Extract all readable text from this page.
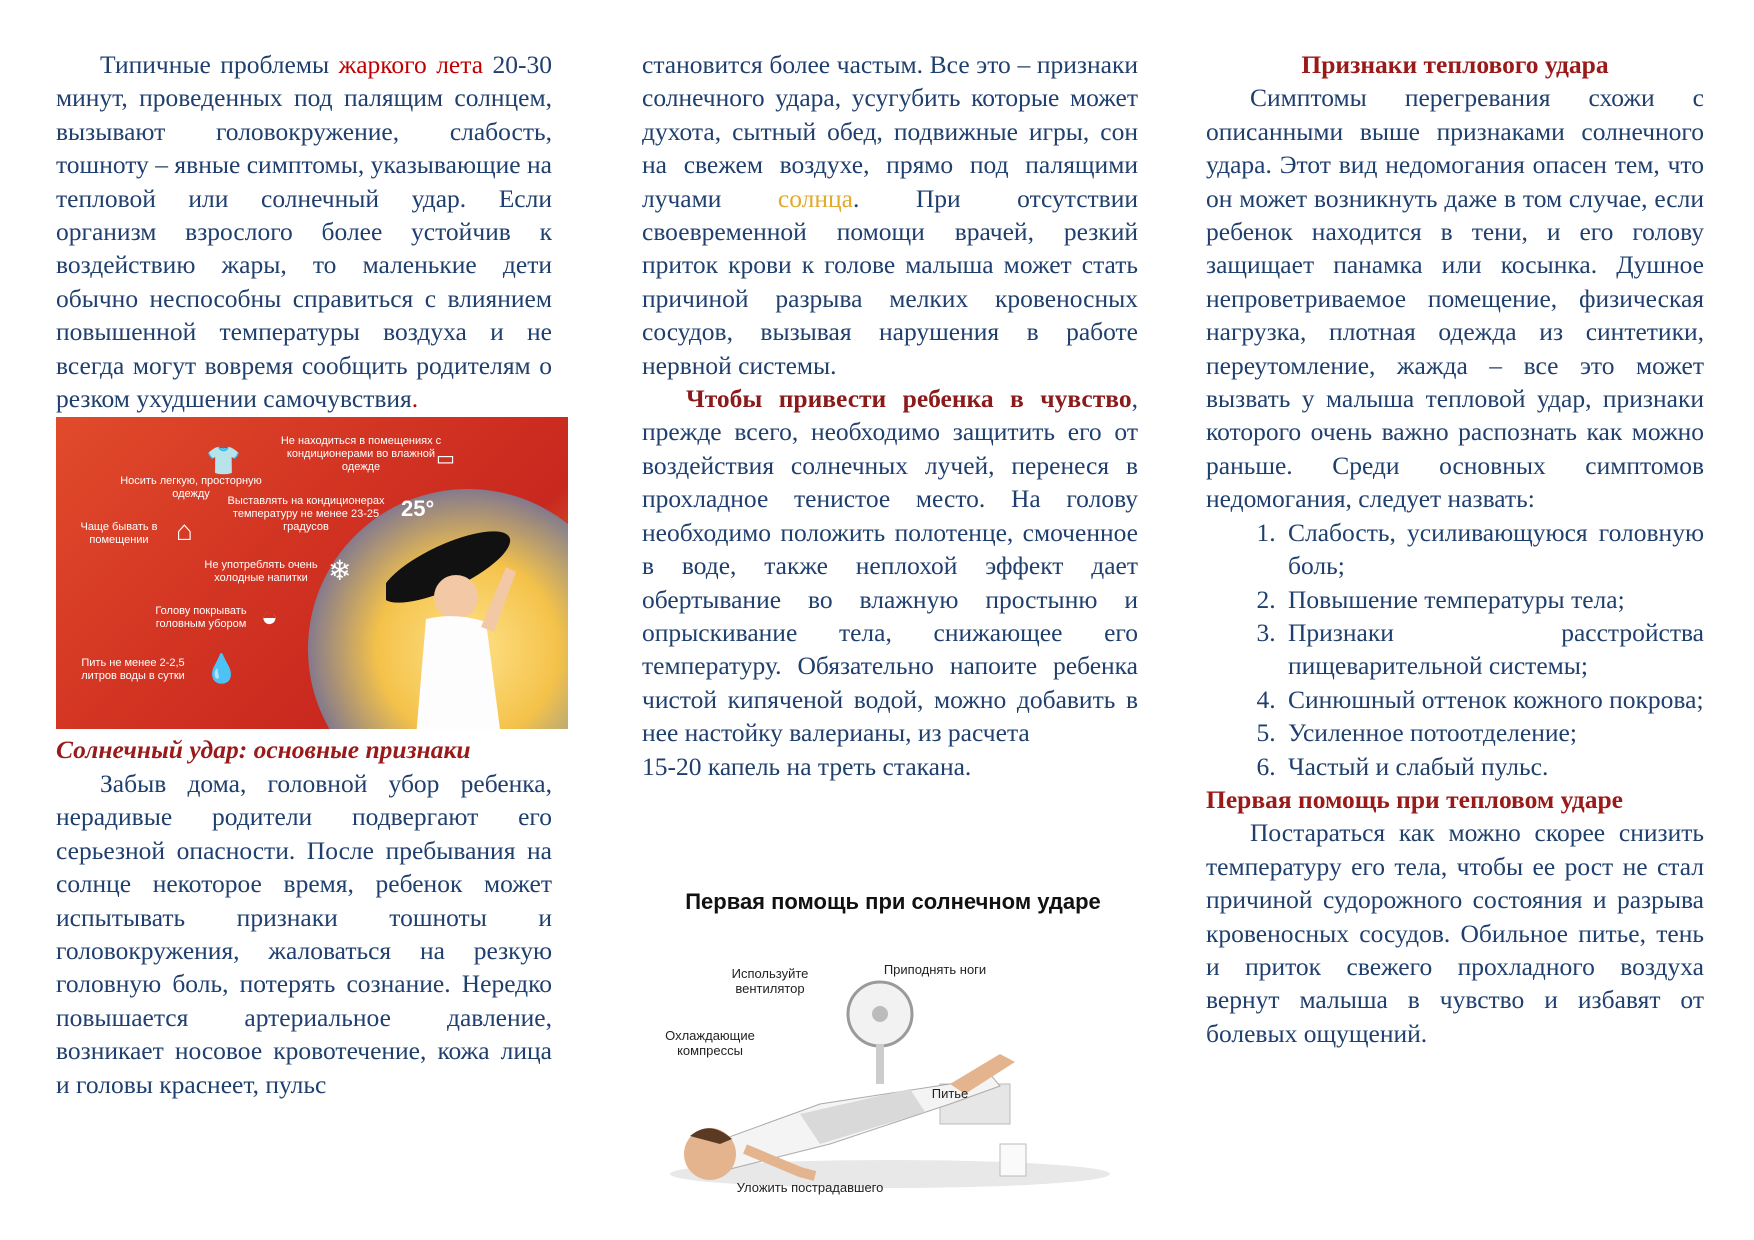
Типичные проблемы жаркого лета 20-30 минут, проведенных под палящим солнцем, вызывают головокружение, слабость, тошноту – явные симптомы, указывающие на тепловой или солнечный удар. Если организм взрослого более устойчив к воздействию жары, то маленькие дети обычно неспособны справиться с влиянием повышенной температуры воздуха и не всегда могут вовремя сообщить родителям о резком ухудшении самочувствия.

👕
Носить легкую, просторную одежду
▭
Не находиться в помещениях с кондиционерами во влажной одежде
Выставлять на кондиционерах температуру не менее 23-25 градусов
25°
⌂
Чаще бывать в помещении
Не употреблять очень холодные напитки ❄
Голову покрывать головным убором ◒
Пить не менее 2-2,5 литров воды в сутки 💧

Солнечный удар: основные признаки

Забыв дома, головной убор ребенка, нерадивые родители подвергают его серьезной опасности. После пребывания на солнце некоторое время, ребенок может испытывать признаки тошноты и головокружения, жаловаться на резкую головную боль, потерять сознание. Нередко повышается артериальное давление, возникает носовое кровотечение, кожа лица и головы краснеет, пульс

становится более частым. Все это – признаки солнечного удара, усугубить которые может духота, сытный обед, подвижные игры, сон на свежем воздухе, прямо под палящими лучами солнца. При отсутствии своевременной помощи врачей, резкий приток крови к голове малыша может стать причиной разрыва мелких кровеносных сосудов, вызывая нарушения в работе нервной системы.

Чтобы привести ребенка в чувство, прежде всего, необходимо защитить его от воздействия солнечных лучей, перенеся в прохладное тенистое место. На голову необходимо положить полотенце, смоченное в воде, также неплохой эффект дает обертывание во влажную простыню и опрыскивание тела, снижающее его температуру. Обязательно напоите ребенка чистой кипяченой водой, можно добавить в нее настойку валерианы, из расчета

15-20 капель на треть стакана.

Первая помощь при солнечном ударе
Используйте вентилятор
Приподнять ноги
Охлаждающие компрессы
Питье
Уложить пострадавшего

Признаки теплового удара

Симптомы перегревания схожи с описанными выше признаками солнечного удара. Этот вид недомогания опасен тем, что он может возникнуть даже в том случае, если ребенок находится в тени, и его голову защищает панамка или косынка. Душное непроветриваемое помещение, физическая нагрузка, плотная одежда из синтетики, переутомление, жажда – все это может вызвать у малыша тепловой удар, признаки которого очень важно распознать как можно раньше. Среди основных симптомов недомогания, следует назвать:

1. Слабость, усиливающуюся головную боль;
2. Повышение температуры тела;
3. Признаки расстройства пищеварительной системы;
4. Синюшный оттенок кожного покрова;
5. Усиленное потоотделение;
6. Частый и слабый пульс.

Первая помощь при тепловом ударе

Постараться как можно скорее снизить температуру его тела, чтобы ее рост не стал причиной судорожного состояния и разрыва кровеносных сосудов. Обильное питье, тень и приток свежего прохладного воздуха вернут малыша в чувство и избавят от болевых ощущений.
